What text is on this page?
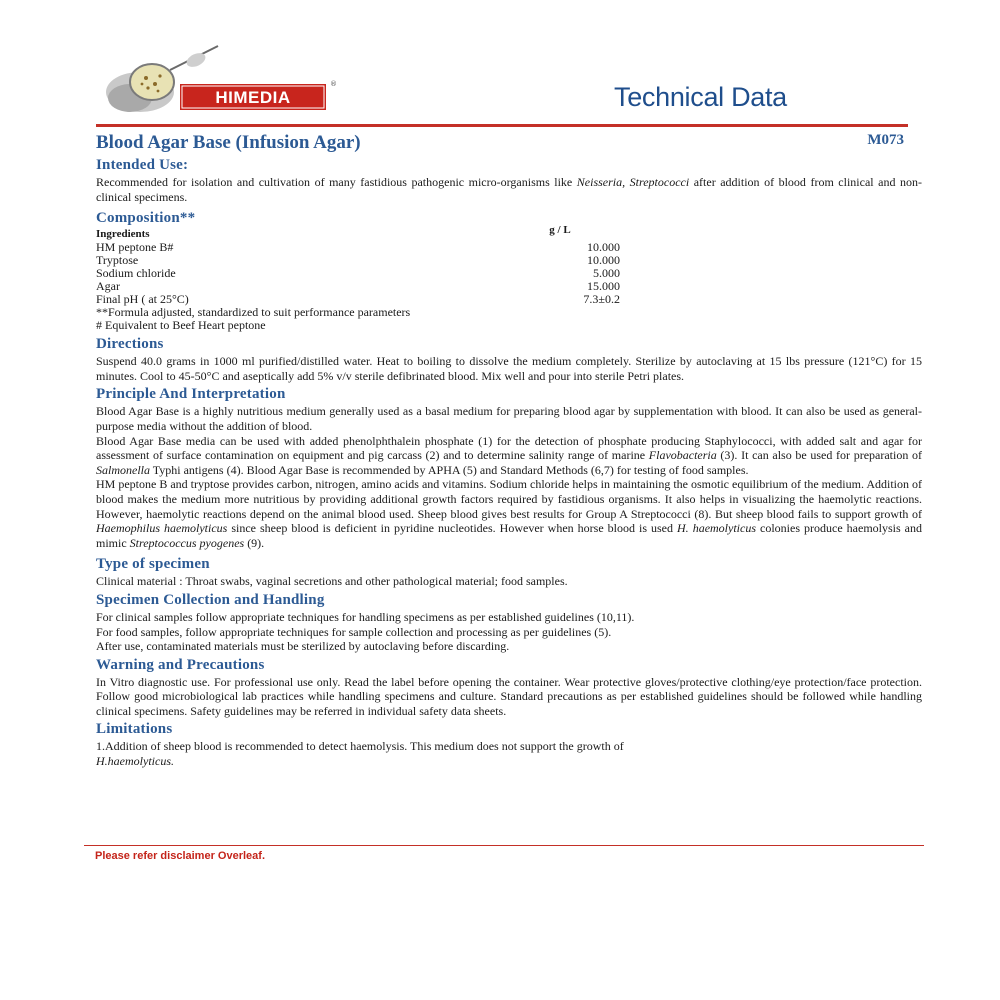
HIMEDIA
®	Technical Data
Blood Agar Base (Infusion Agar)	M073
Intended Use:

Recommended for isolation and cultivation of many fastidious pathogenic micro-organisms like Neisseria, Streptococci after addition of blood from clinical and non-clinical specimens.

Composition**
Ingredients	g / L
HM peptone B#	10.000
Tryptose	10.000
Sodium chloride	5.000
Agar	15.000
Final pH ( at 25°C)	7.3±0.2
**Formula adjusted, standardized to suit performance parameters
# Equivalent to Beef Heart peptone
Directions

Suspend 40.0 grams in 1000 ml purified/distilled water. Heat to boiling to dissolve the medium completely. Sterilize by autoclaving at 15 lbs pressure (121°C) for 15 minutes. Cool to 45-50°C and aseptically add 5% v/v sterile defibrinated blood. Mix well and pour into sterile Petri plates.

Principle And Interpretation

Blood Agar Base is a highly nutritious medium generally used as a basal medium for preparing blood agar by supplementation with blood. It can also be used as general-purpose media without the addition of blood.

Blood Agar Base media can be used with added phenolphthalein phosphate (1) for the detection of phosphate producing Staphylococci, with added salt and agar for assessment of surface contamination on equipment and pig carcass (2) and to determine salinity range of marine Flavobacteria (3). It can also be used for preparation of Salmonella Typhi antigens (4). Blood Agar Base is recommended by APHA (5) and Standard Methods (6,7) for testing of food samples.

HM peptone B and tryptose provides carbon, nitrogen, amino acids and vitamins. Sodium chloride helps in maintaining the osmotic equilibrium of the medium. Addition of blood makes the medium more nutritious by providing additional growth factors required by fastidious organisms. It also helps in visualizing the haemolytic reactions. However, haemolytic reactions depend on the animal blood used. Sheep blood gives best results for Group A Streptococci (8). But sheep blood fails to support growth of Haemophilus haemolyticus since sheep blood is deficient in pyridine nucleotides. However when horse blood is used H. haemolyticus colonies produce haemolysis and mimic Streptococcus pyogenes (9).

Type of specimen

Clinical material : Throat swabs, vaginal secretions and other pathological material; food samples.

Specimen Collection and Handling

For clinical samples follow appropriate techniques for handling specimens as per established guidelines (10,11).

For food samples, follow appropriate techniques for sample collection and processing as per guidelines (5).

After use, contaminated materials must be sterilized by autoclaving before discarding.

Warning and Precautions

In Vitro diagnostic use. For professional use only. Read the label before opening the container. Wear protective gloves/protective clothing/eye protection/face protection. Follow good microbiological lab practices while handling specimens and culture. Standard precautions as per established guidelines should be followed while handling clinical specimens. Safety guidelines may be referred in individual safety data sheets.

Limitations

1.Addition of sheep blood is recommended to detect haemolysis. This medium does not support the growth of
H.haemolyticus.

Please refer disclaimer Overleaf.
